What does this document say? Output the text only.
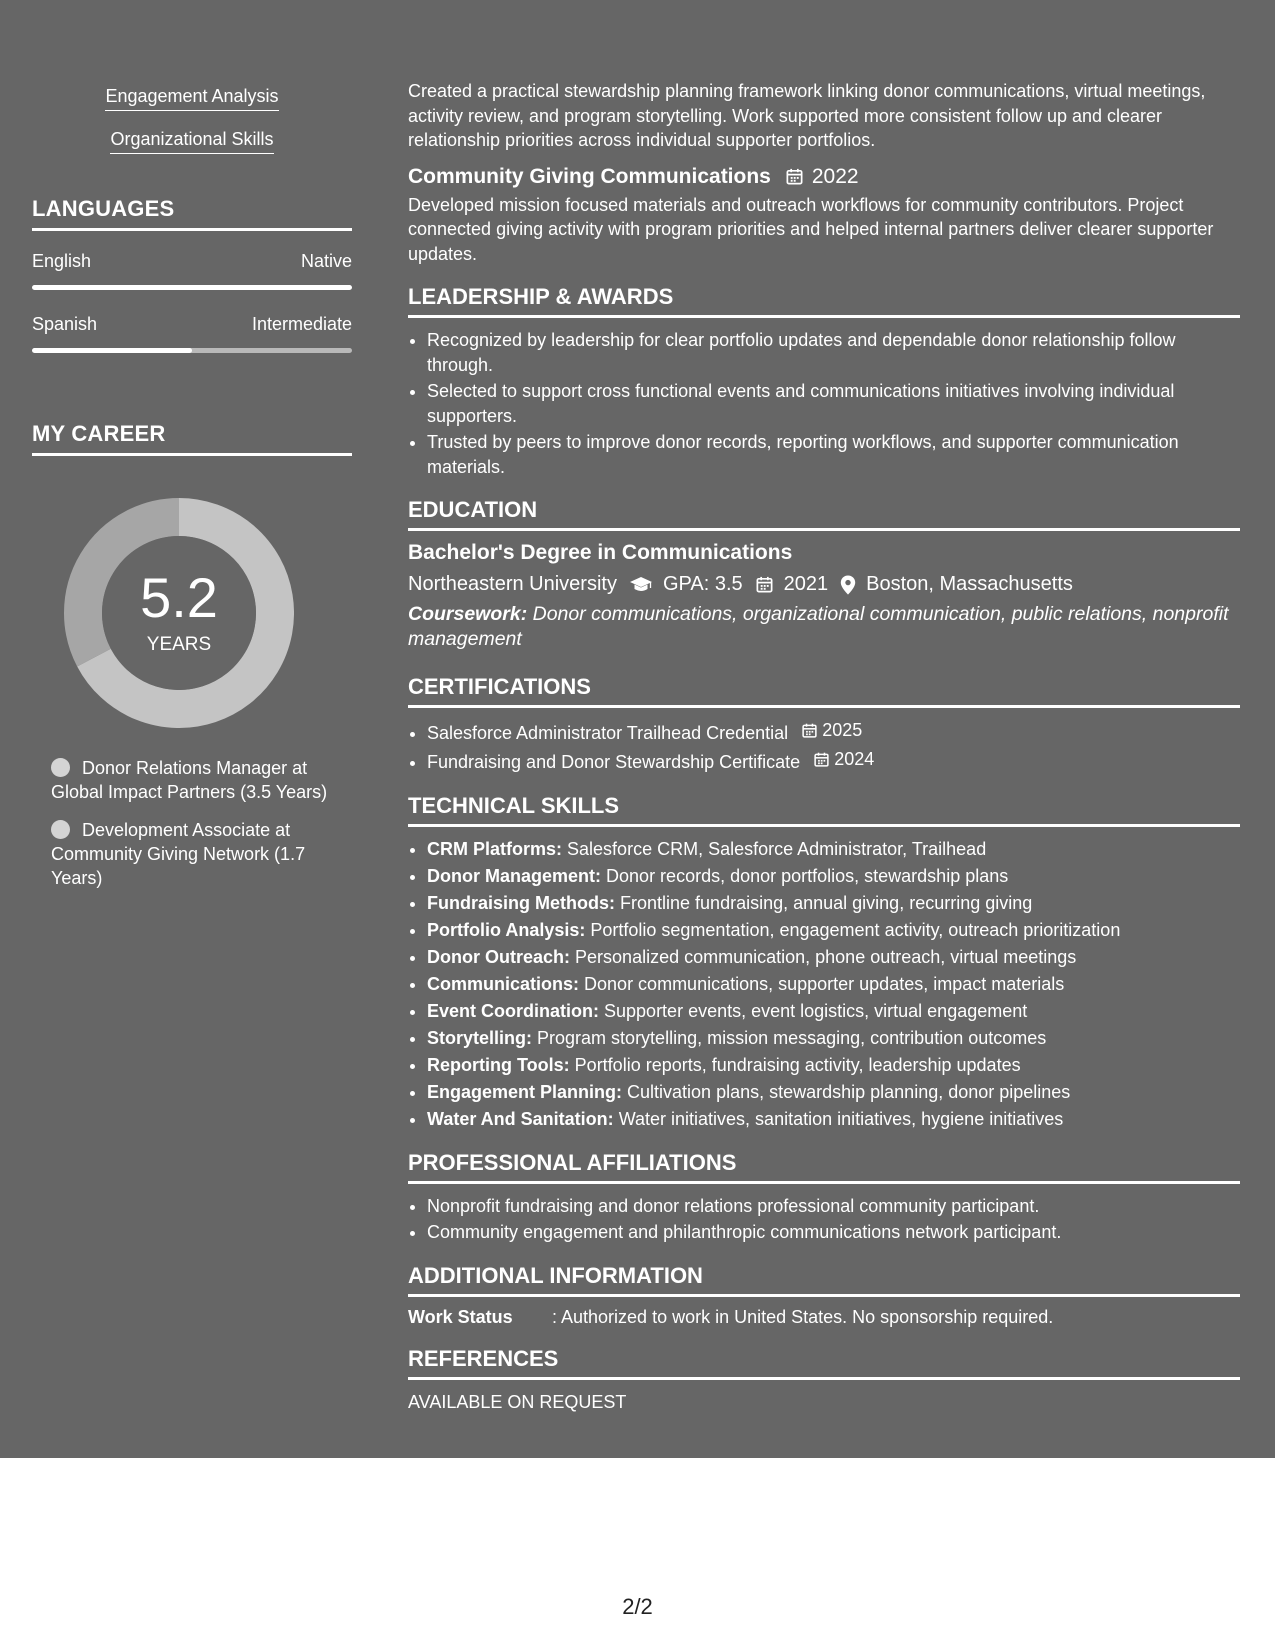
Engagement Analysis
Organizational Skills
LANGUAGES
English	Native
Spanish	Intermediate
MY CAREER
5.2
YEARS
Donor Relations Manager at Global Impact Partners (3.5 Years)
Development Associate at Community Giving Network (1.7 Years)

Created a practical stewardship planning framework linking donor communications, virtual meetings, activity review, and program storytelling. Work supported more consistent follow up and clearer relationship priorities across individual supporter portfolios.

Community Giving Communications 2022

Developed mission focused materials and outreach workflows for community contributors. Project connected giving activity with program priorities and helped internal partners deliver clearer supporter updates.

LEADERSHIP & AWARDS
• Recognized by leadership for clear portfolio updates and dependable donor relationship follow through.
• Selected to support cross functional events and communications initiatives involving individual supporters.
• Trusted by peers to improve donor records, reporting workflows, and supporter communication materials.
EDUCATION
Bachelor's Degree in Communications
Northeastern University GPA: 3.5 2021 Boston, Massachusetts
Coursework: Donor communications, organizational communication, public relations, nonprofit management
CERTIFICATIONS
• Salesforce Administrator Trailhead Credential 2025
• Fundraising and Donor Stewardship Certificate 2024
TECHNICAL SKILLS
• CRM Platforms: Salesforce CRM, Salesforce Administrator, Trailhead
• Donor Management: Donor records, donor portfolios, stewardship plans
• Fundraising Methods: Frontline fundraising, annual giving, recurring giving
• Portfolio Analysis: Portfolio segmentation, engagement activity, outreach prioritization
• Donor Outreach: Personalized communication, phone outreach, virtual meetings
• Communications: Donor communications, supporter updates, impact materials
• Event Coordination: Supporter events, event logistics, virtual engagement
• Storytelling: Program storytelling, mission messaging, contribution outcomes
• Reporting Tools: Portfolio reports, fundraising activity, leadership updates
• Engagement Planning: Cultivation plans, stewardship planning, donor pipelines
• Water And Sanitation: Water initiatives, sanitation initiatives, hygiene initiatives
PROFESSIONAL AFFILIATIONS
• Nonprofit fundraising and donor relations professional community participant.
• Community engagement and philanthropic communications network participant.
ADDITIONAL INFORMATION
Work Status	: Authorized to work in United States. No sponsorship required.
REFERENCES
AVAILABLE ON REQUEST
2/2
